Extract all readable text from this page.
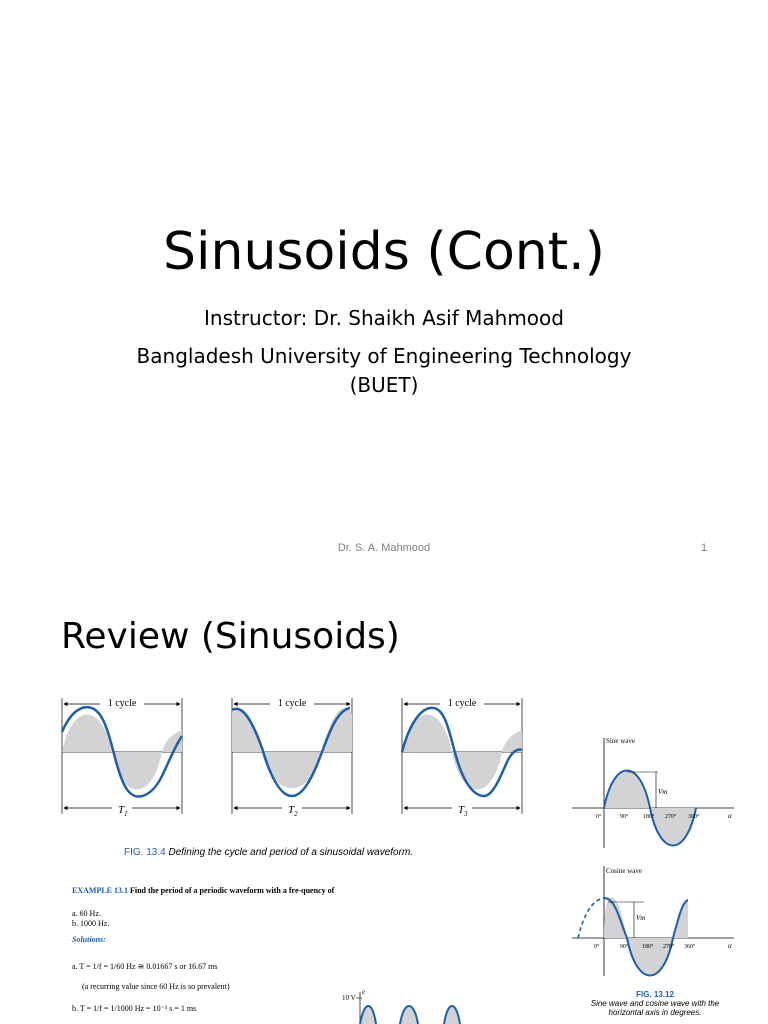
Sinusoids (Cont.)
Instructor: Dr. Shaikh Asif Mahmood
Bangladesh University of Engineering Technology
(BUET)
Dr. S. A. Mahmood	1
Review (Sinusoids)
1 cycle
$T_1$
1 cycle
$T_2$
1 cycle
$T_3$
FIG. 13.4 Defining the cycle and period of a sinusoidal waveform.
EXAMPLE 13.1 Find the period of a periodic waveform with a fre-quency of
a. 60 Hz.
b. 1000 Hz.
Solutions:
a. T = 1/f = 1/60 Hz ≅ 0.01667 s or 16.67 ms
(a recurring value since 60 Hz is so prevalent)
b. T = 1/f = 1/1000 Hz = 10⁻³ s = 1 ms
10 V
e
Sine wave
Vm
0°	90° 180° 270° 360°	α
Cosine wave
Vm
0°	90° 180° 270° 360°	α
FIG. 13.12
Sine wave and cosine wave with the
horizontal axis in degrees.
